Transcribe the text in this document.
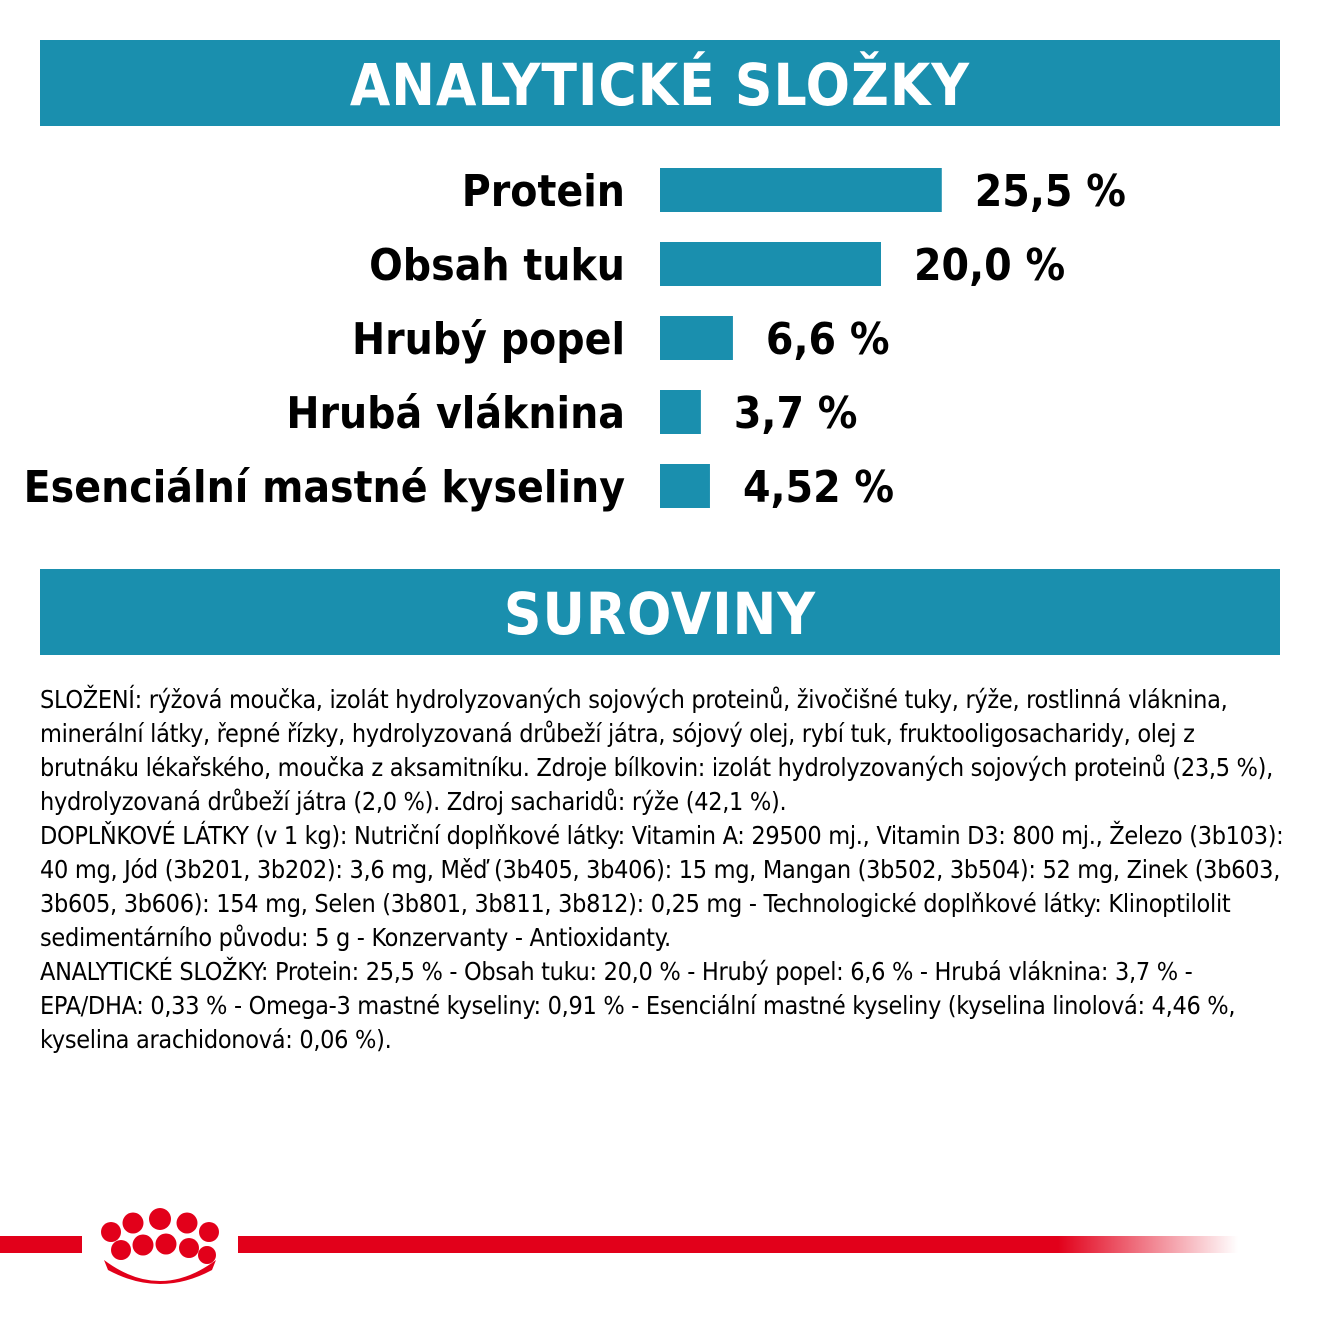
ANALYTICKÉ SLOŽKY
Protein	25,5 %
Obsah tuku	20,0 %
Hrubý popel	6,6 %
Hrubá vláknina 3,7 %
Esenciální mastné kyseliny	4,52 %
SUROVINY

SLOŽENÍ: rýžová moučka, izolát hydrolyzovaných sojových proteinů, živočišné tuky, rýže, rostlinná vláknina, minerální látky, řepné řízky, hydrolyzovaná drůbeží játra, sójový olej, rybí tuk, fruktooligosacharidy, olej z brutnáku lékařského, moučka z aksamitníku. Zdroje bílkovin: izolát hydrolyzovaných sojových proteinů (23,5 %), hydrolyzovaná drůbeží játra (2,0 %). Zdroj sacharidů: rýže (42,1 %).

DOPLŇKOVÉ LÁTKY (v 1 kg): Nutriční doplňkové látky: Vitamin A: 29500 mj., Vitamin D3: 800 mj., Železo (3b103): 40 mg, Jód (3b201, 3b202): 3,6 mg, Měď (3b405, 3b406): 15 mg, Mangan (3b502, 3b504): 52 mg, Zinek (3b603, 3b605, 3b606): 154 mg, Selen (3b801, 3b811, 3b812): 0,25 mg - Technologické doplňkové látky: Klinoptilolit sedimentárního původu: 5 g - Konzervanty - Antioxidanty.

ANALYTICKÉ SLOŽKY: Protein: 25,5 % - Obsah tuku: 20,0 % - Hrubý popel: 6,6 % - Hrubá vláknina: 3,7 % - EPA/DHA: 0,33 % - Omega-3 mastné kyseliny: 0,91 % - Esenciální mastné kyseliny (kyselina linolová: 4,46 %, kyselina arachidonová: 0,06 %).
